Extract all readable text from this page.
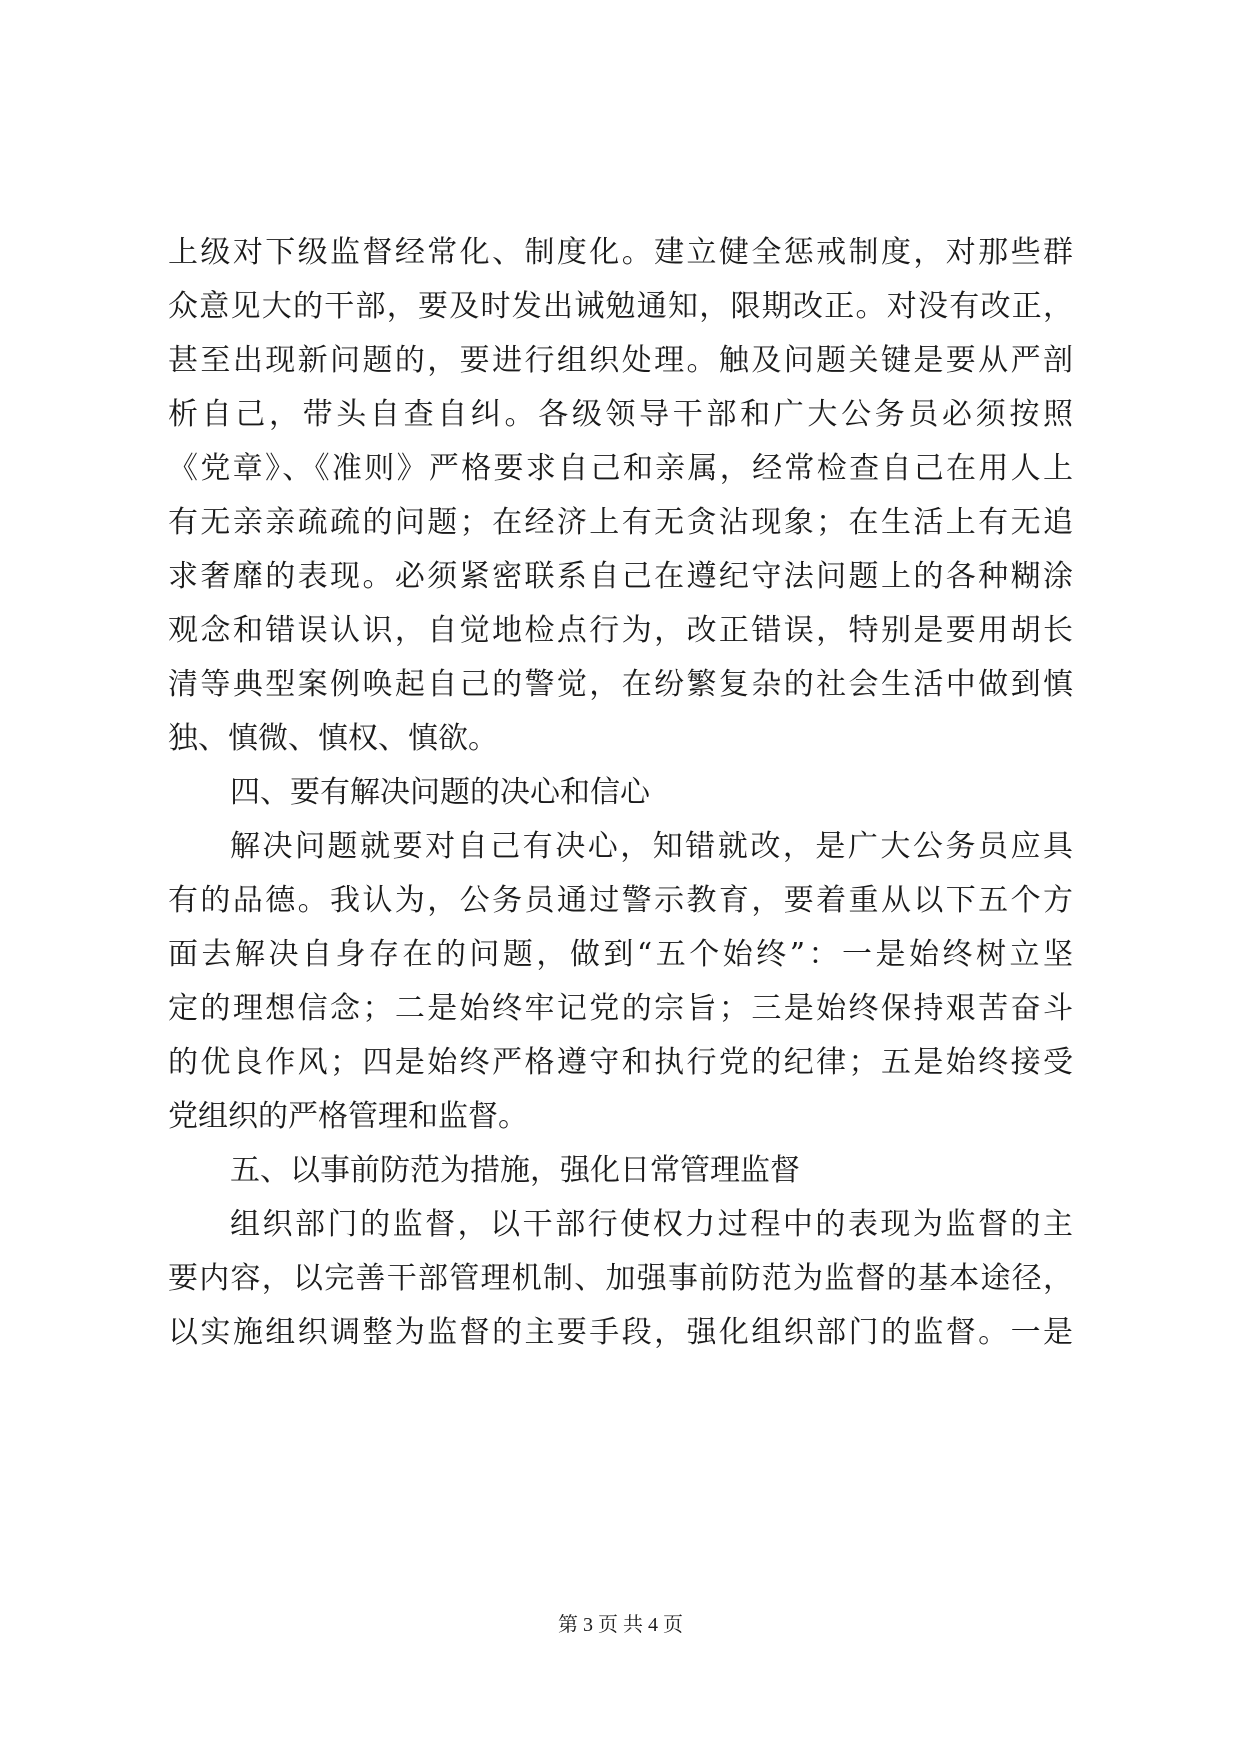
上级对下级监督经常化、制度化。建立健全惩戒制度，对那些群
众意见大的干部，要及时发出诫勉通知，限期改正。对没有改正，
甚至出现新问题的，要进行组织处理。触及问题关键是要从严剖
析自己，带头自查自纠。各级领导干部和广大公务员必须按照
《党章》、《准则》严格要求自己和亲属，经常检查自己在用人上
有无亲亲疏疏的问题；在经济上有无贪沾现象；在生活上有无追
求奢靡的表现。必须紧密联系自己在遵纪守法问题上的各种糊涂
观念和错误认识，自觉地检点行为，改正错误，特别是要用胡长
清等典型案例唤起自己的警觉，在纷繁复杂的社会生活中做到慎
独、慎微、慎权、慎欲。
四、要有解决问题的决心和信心
解决问题就要对自己有决心，知错就改，是广大公务员应具
有的品德。我认为，公务员通过警示教育，要着重从以下五个方
面去解决自身存在的问题，做到“五个始终”：一是始终树立坚
定的理想信念；二是始终牢记党的宗旨；三是始终保持艰苦奋斗
的优良作风；四是始终严格遵守和执行党的纪律；五是始终接受
党组织的严格管理和监督。
五、以事前防范为措施，强化日常管理监督
组织部门的监督，以干部行使权力过程中的表现为监督的主
要内容，以完善干部管理机制、加强事前防范为监督的基本途径，
以实施组织调整为监督的主要手段，强化组织部门的监督。一是
第 3 页 共 4 页
